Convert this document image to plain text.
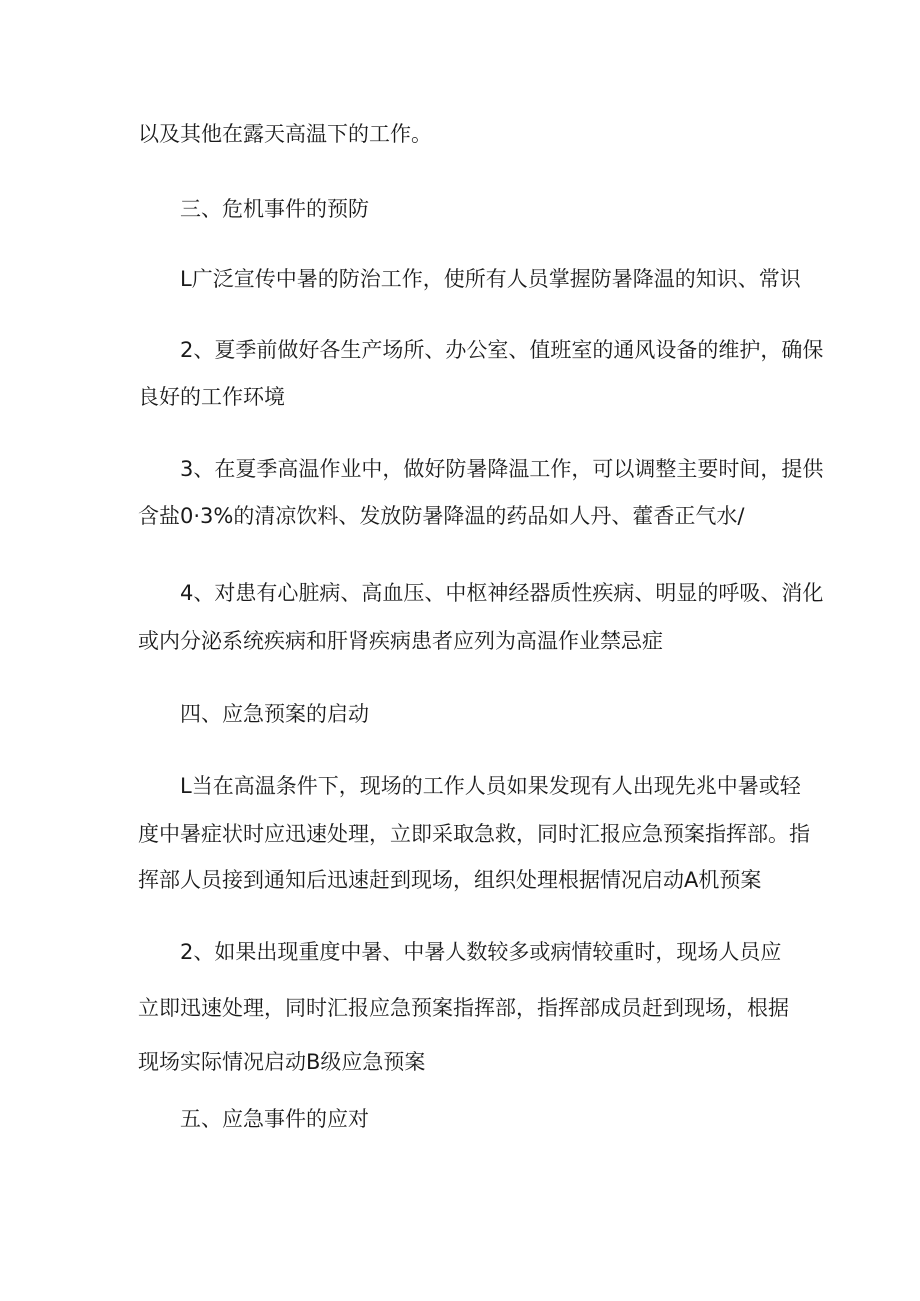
以及其他在露天高温下的工作。
三、危机事件的预防
L广泛宣传中暑的防治工作，使所有人员掌握防暑降温的知识、常识
2、夏季前做好各生产场所、办公室、值班室的通风设备的维护，确保
良好的工作环境
3、在夏季高温作业中，做好防暑降温工作，可以调整主要时间，提供
含盐0·3%的清凉饮料、发放防暑降温的药品如人丹、藿香正气水/
4、对患有心脏病、高血压、中枢神经器质性疾病、明显的呼吸、消化
或内分泌系统疾病和肝肾疾病患者应列为高温作业禁忌症
四、应急预案的启动
L当在高温条件下，现场的工作人员如果发现有人出现先兆中暑或轻
度中暑症状时应迅速处理，立即采取急救，同时汇报应急预案指挥部。指
挥部人员接到通知后迅速赶到现场，组织处理根据情况启动A机预案
2、如果出现重度中暑、中暑人数较多或病情较重时，现场人员应
立即迅速处理，同时汇报应急预案指挥部，指挥部成员赶到现场，根据
现场实际情况启动B级应急预案
五、应急事件的应对
